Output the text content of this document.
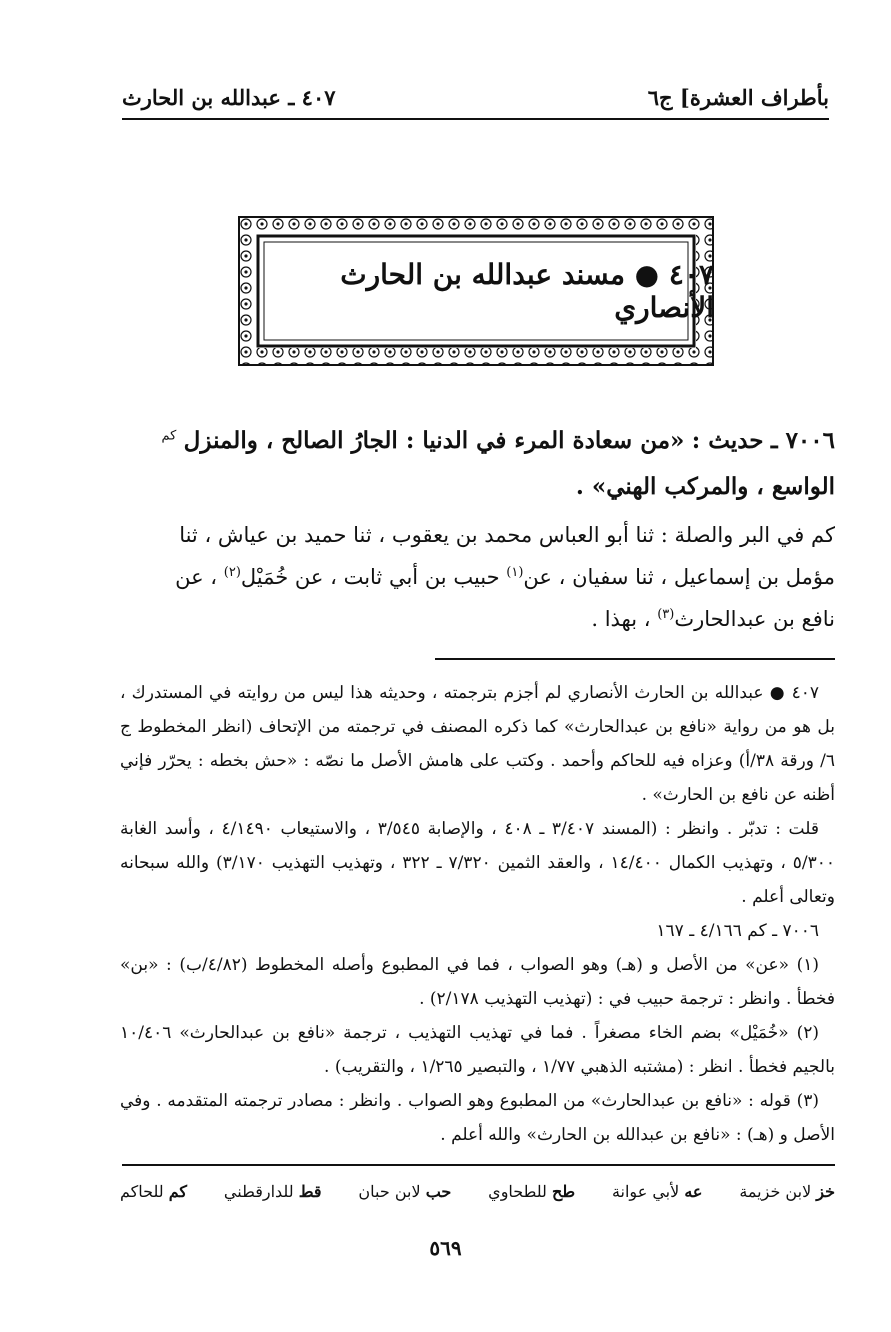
بأطراف العشرة] ج٦
٤٠٧ ـ عبدالله بن الحارث
٤٠٧ ● مسند عبدالله بن الحارث الأنصاري
٧٠٠٦ ـ حديث : «من سعادة المرء في الدنيا : الجارُ الصالح ، والمنزل $^{كم}$
الواسع ، والمركب الهني» .
كم في البر والصلة : ثنا أبو العباس محمد بن يعقوب ، ثنا حميد بن عياش ، ثنا
مؤمل بن إسماعيل ، ثنا سفيان ، عن$^{(١)}$ حبيب بن أبي ثابت ، عن خُمَيْل$^{(٢)}$ ، عن
نافع بن عبدالحارث$^{(٣)}$ ، بهذا .

٤٠٧ ● عبدالله بن الحارث الأنصاري لم أجزم بترجمته ، وحديثه هذا ليس من روايته في المستدرك ، بل هو من رواية «نافع بن عبدالحارث» كما ذكره المصنف في ترجمته من الإتحاف (انظر المخطوط ج ٦/ ورقة ٣٨/أ) وعزاه فيه للحاكم وأحمد . وكتب على هامش الأصل ما نصّه : «حش بخطه : يحرّر فإني أظنه عن نافع بن الحارث» .

قلت : تدبّر . وانظر : (المسند ٣/٤٠٧ ـ ٤٠٨ ، والإصابة ٣/٥٤٥ ، والاستيعاب ٤/١٤٩٠ ، وأسد الغابة ٥/٣٠٠ ، وتهذيب الكمال ١٤/٤٠٠ ، والعقد الثمين ٧/٣٢٠ ـ ٣٢٢ ، وتهذيب التهذيب ٣/١٧٠) والله سبحانه وتعالى أعلم .

٧٠٠٦ ـ كم ٤/١٦٦ ـ ١٦٧

(١) «عن» من الأصل و (هـ) وهو الصواب ، فما في المطبوع وأصله المخطوط (٤/٨٢/ب) : «بن» فخطأ . وانظر : ترجمة حبيب في : (تهذيب التهذيب ٢/١٧٨) .

(٢) «خُمَيْل» بضم الخاء مصغراً . فما في تهذيب التهذيب ، ترجمة «نافع بن عبدالحارث» ١٠/٤٠٦ بالجيم فخطأ . انظر : (مشتبه الذهبي ١/٧٧ ، والتبصير ١/٢٦٥ ، والتقريب) .

(٣) قوله : «نافع بن عبدالحارث» من المطبوع وهو الصواب . وانظر : مصادر ترجمته المتقدمه . وفي الأصل و (هـ) : «نافع بن عبدالله بن الحارث» والله أعلم .

خز لابن خزيمة
عه لأبي عوانة
طح للطحاوي
حب لابن حبان
قط للدارقطني
كم للحاكم
٥٦٩
